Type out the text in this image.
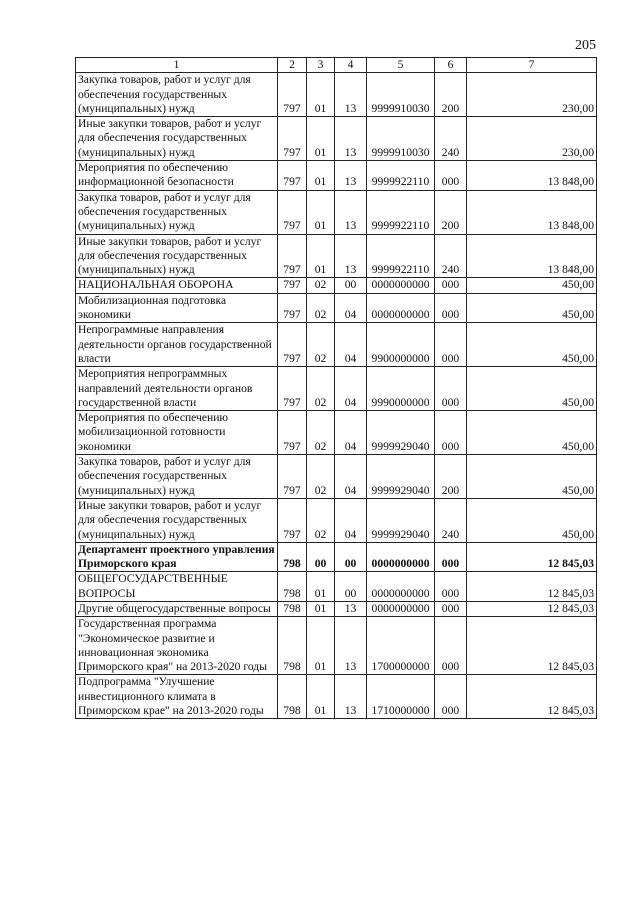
205
1	2	3	4	5	6	7
Закупка товаров, работ и услуг для обеспечения государственных (муниципальных) нужд	797	01	13	9999910030	200	230,00
Иные закупки товаров, работ и услуг для обеспечения государственных (муниципальных) нужд	797	01	13	9999910030	240	230,00
Мероприятия по обеспечению информационной безопасности	797	01	13	9999922110	000	13 848,00
Закупка товаров, работ и услуг для обеспечения государственных (муниципальных) нужд	797	01	13	9999922110	200	13 848,00
Иные закупки товаров, работ и услуг для обеспечения государственных (муниципальных) нужд	797	01	13	9999922110	240	13 848,00
НАЦИОНАЛЬНАЯ ОБОРОНА	797	02	00	0000000000	000	450,00
Мобилизационная подготовка экономики	797	02	04	0000000000	000	450,00
Непрограммные направления деятельности органов государственной власти	797	02	04	9900000000	000	450,00
Мероприятия непрограммных направлений деятельности органов государственной власти	797	02	04	9990000000	000	450,00
Мероприятия по обеспечению мобилизационной готовности экономики	797	02	04	9999929040	000	450,00
Закупка товаров, работ и услуг для обеспечения государственных (муниципальных) нужд	797	02	04	9999929040	200	450,00
Иные закупки товаров, работ и услуг для обеспечения государственных (муниципальных) нужд	797	02	04	9999929040	240	450,00
Департамент проектного управления Приморского края	798	00	00	0000000000	000	12 845,03
ОБЩЕГОСУДАРСТВЕННЫЕ ВОПРОСЫ	798	01	00	0000000000	000	12 845,03
Другие общегосударственные вопросы	798	01	13	0000000000	000	12 845,03
Государственная программа "Экономическое развитие и инновационная экономика Приморского края" на 2013-2020 годы	798	01	13	1700000000	000	12 845,03
Подпрограмма "Улучшение инвестиционного климата в Приморском крае" на 2013-2020 годы	798	01	13	1710000000	000	12 845,03
